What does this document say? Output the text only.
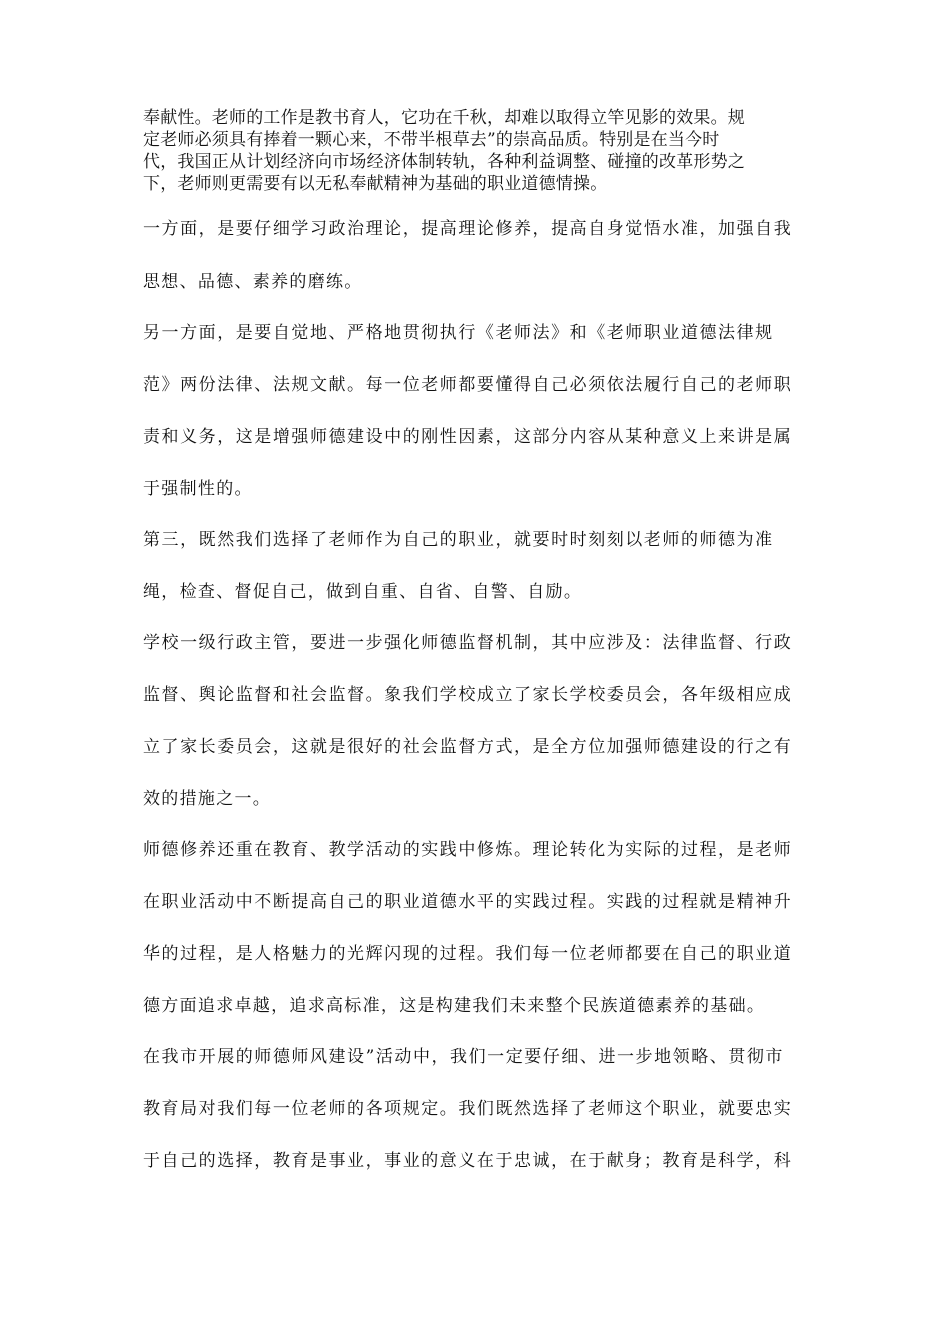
奉献性。老师的工作是教书育人，它功在千秋，却难以取得立竿见影的效果。规
定老师必须具有捧着一颗心来，不带半根草去”的崇高品质。特别是在当今时
代，我国正从计划经济向市场经济体制转轨，各种利益调整、碰撞的改革形势之
下，老师则更需要有以无私奉献精神为基础的职业道德情操。
一方面，是要仔细学习政治理论，提高理论修养，提高自身觉悟水准，加强自我
思想、品德、素养的磨练。
另一方面，是要自觉地、严格地贯彻执行《老师法》和《老师职业道德法律规
范》两份法律、法规文献。每一位老师都要懂得自己必须依法履行自己的老师职
责和义务，这是增强师德建设中的刚性因素，这部分内容从某种意义上来讲是属
于强制性的。
第三，既然我们选择了老师作为自己的职业，就要时时刻刻以老师的师德为准
绳，检查、督促自己，做到自重、自省、自警、自励。
学校一级行政主管，要进一步强化师德监督机制，其中应涉及：法律监督、行政
监督、舆论监督和社会监督。象我们学校成立了家长学校委员会，各年级相应成
立了家长委员会，这就是很好的社会监督方式，是全方位加强师德建设的行之有
效的措施之一。
师德修养还重在教育、教学活动的实践中修炼。理论转化为实际的过程，是老师
在职业活动中不断提高自己的职业道德水平的实践过程。实践的过程就是精神升
华的过程，是人格魅力的光辉闪现的过程。我们每一位老师都要在自己的职业道
德方面追求卓越，追求高标准，这是构建我们未来整个民族道德素养的基础。
在我市开展的师德师风建设”活动中，我们一定要仔细、进一步地领略、贯彻市
教育局对我们每一位老师的各项规定。我们既然选择了老师这个职业，就要忠实
于自己的选择，教育是事业，事业的意义在于忠诚，在于献身；教育是科学，科
